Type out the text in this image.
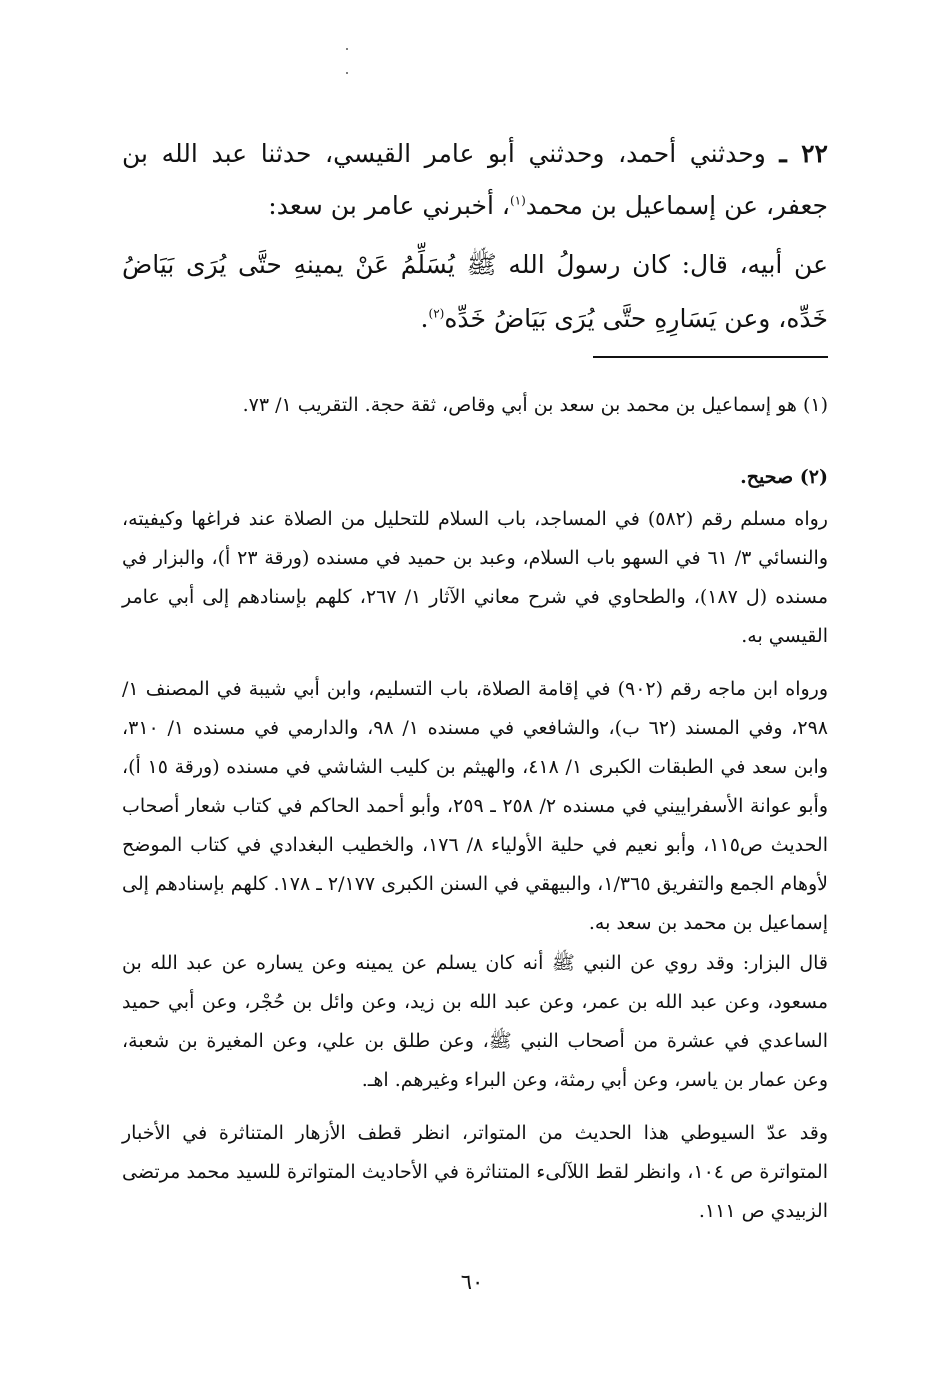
٢٢ ـ وحدثني أحمد، وحدثني أبو عامر القيسي، حدثنا عبد الله بن جعفر، عن إسماعيل بن محمد$^{(١)}$، أخبرني عامر بن سعد:

عن أبيه، قال: كان رسولُ الله ﷺ يُسَلِّمُ عَنْ يمينهِ حتَّى يُرَى بَيَاضُ خَدِّه، وعن يَسَارِهِ حتَّى يُرَى بَيَاضُ خَدِّه$^{(٢)}$.

(١) هو إسماعيل بن محمد بن سعد بن أبي وقاص، ثقة حجة. التقريب ١/ ٧٣.

(٢) صحيح.

رواه مسلم رقم (٥٨٢) في المساجد، باب السلام للتحليل من الصلاة عند فراغها وكيفيته، والنسائي ٣/ ٦١ في السهو باب السلام، وعبد بن حميد في مسنده (ورقة ٢٣ أ)، والبزار في مسنده (ل ١٨٧)، والطحاوي في شرح معاني الآثار ١/ ٢٦٧، كلهم بإسنادهم إلى أبي عامر القيسي به.

ورواه ابن ماجه رقم (٩٠٢) في إقامة الصلاة، باب التسليم، وابن أبي شيبة في المصنف ١/ ٢٩٨، وفي المسند (٦٢ ب)، والشافعي في مسنده ١/ ٩٨، والدارمي في مسنده ١/ ٣١٠، وابن سعد في الطبقات الكبرى ١/ ٤١٨، والهيثم بن كليب الشاشي في مسنده (ورقة ١٥ أ)، وأبو عوانة الأسفراييني في مسنده ٢/ ٢٥٨ ـ ٢٥٩، وأبو أحمد الحاكم في كتاب شعار أصحاب الحديث ص١١٥، وأبو نعيم في حلية الأولياء ٨/ ١٧٦، والخطيب البغدادي في كتاب الموضح لأوهام الجمع والتفريق ١/٣٦٥، والبيهقي في السنن الكبرى ٢/١٧٧ ـ ١٧٨. كلهم بإسنادهم إلى إسماعيل بن محمد بن سعد به.

قال البزار: وقد روي عن النبي ﷺ أنه كان يسلم عن يمينه وعن يساره عن عبد الله بن مسعود، وعن عبد الله بن عمر، وعن عبد الله بن زيد، وعن وائل بن حُجْر، وعن أبي حميد الساعدي في عشرة من أصحاب النبي ﷺ، وعن طلق بن علي، وعن المغيرة بن شعبة، وعن عمار بن ياسر، وعن أبي رمثة، وعن البراء وغيرهم. اهـ.

وقد عدّ السيوطي هذا الحديث من المتواتر، انظر قطف الأزهار المتناثرة في الأخبار المتواترة ص ١٠٤، وانظر لقط اللآلىء المتناثرة في الأحاديث المتواترة للسيد محمد مرتضى الزبيدي ص ١١١.

٦٠
